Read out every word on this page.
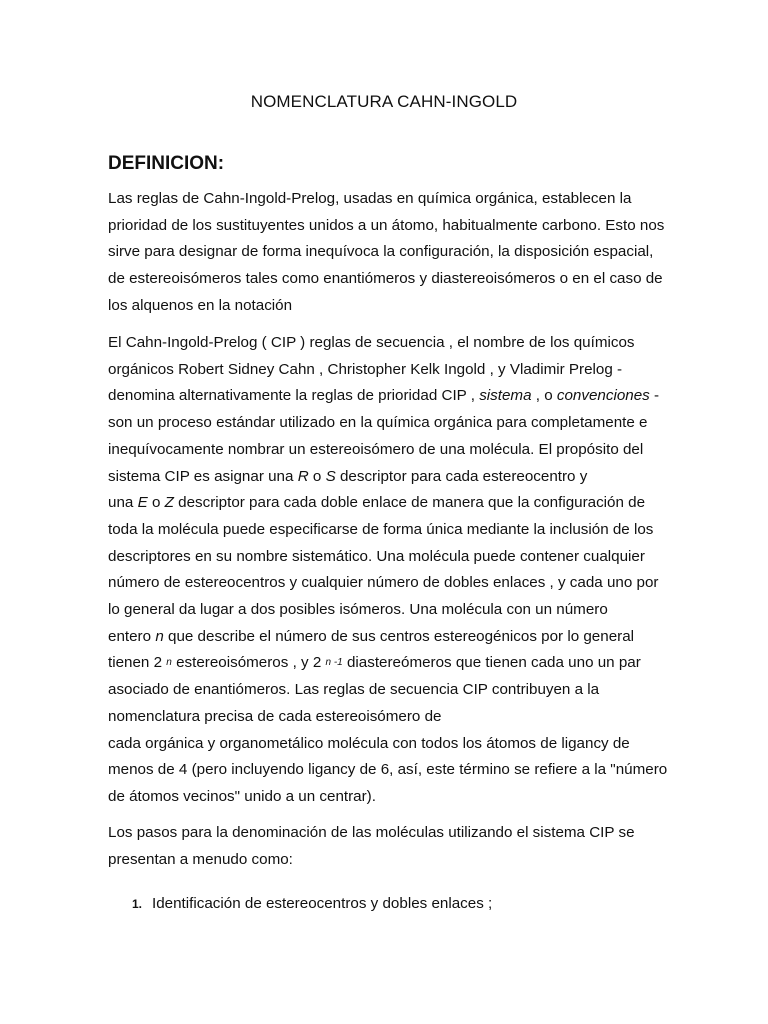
NOMENCLATURA CAHN-INGOLD
DEFINICION:
Las reglas de Cahn-Ingold-Prelog, usadas en química orgánica, establecen la
prioridad de los sustituyentes unidos a un átomo, habitualmente carbono. Esto nos
sirve para designar de forma inequívoca la configuración, la disposición espacial,
de estereoisómeros tales como enantiómeros y diastereoisómeros o en el caso de
los alquenos en la notación
El Cahn-Ingold-Prelog ( CIP ) reglas de secuencia , el nombre de los químicos
orgánicos Robert Sidney Cahn , Christopher Kelk Ingold , y Vladimir Prelog -
denomina alternativamente la reglas de prioridad CIP , sistema , o convenciones -
son un proceso estándar utilizado en la química orgánica para completamente e
inequívocamente nombrar un estereoisómero de una molécula. El propósito del
sistema CIP es asignar una R o S descriptor para cada estereocentro y
una E o Z descriptor para cada doble enlace de manera que la configuración de
toda la molécula puede especificarse de forma única mediante la inclusión de los
descriptores en su nombre sistemático. Una molécula puede contener cualquier
número de estereocentros y cualquier número de dobles enlaces , y cada uno por
lo general da lugar a dos posibles isómeros. Una molécula con un número
entero n que describe el número de sus centros estereogénicos por lo general
tienen 2 $^n$ estereoisómeros , y 2 $^{n -1}$ diastereómeros que tienen cada uno un par
asociado de enantiómeros. Las reglas de secuencia CIP contribuyen a la
nomenclatura precisa de cada estereoisómero de
cada orgánica y organometálico molécula con todos los átomos de ligancy de
menos de 4 (pero incluyendo ligancy de 6, así, este término se refiere a la "número
de átomos vecinos" unido a un centrar).
Los pasos para la denominación de las moléculas utilizando el sistema CIP se
presentan a menudo como:
1. Identificación de estereocentros y dobles enlaces ;
